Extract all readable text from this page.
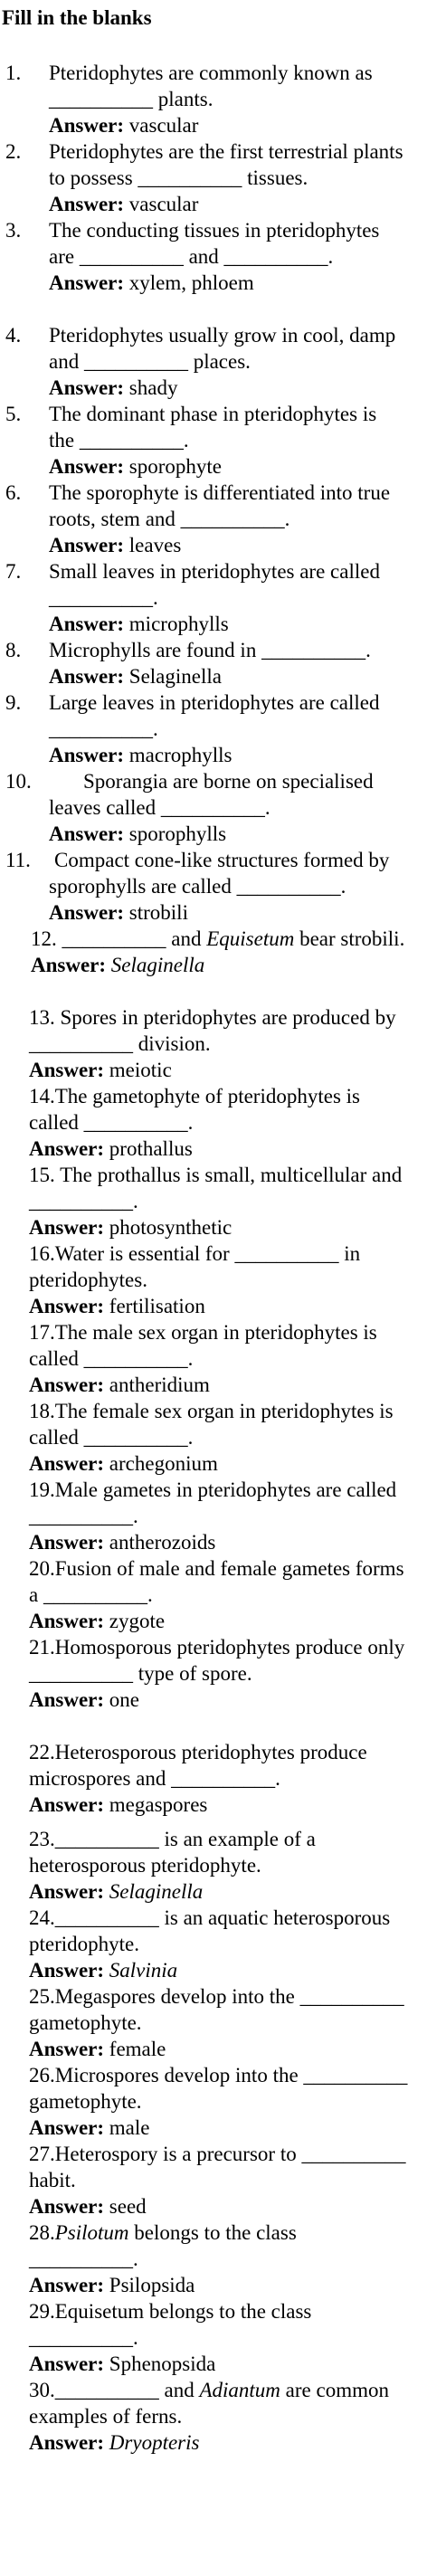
Fill in the blanks
1. Pteridophytes are commonly known as __________ plants.
Answer: vascular
2. Pteridophytes are the first terrestrial plants to possess __________ tissues.
Answer: vascular
3. The conducting tissues in pteridophytes are __________ and __________.
Answer: xylem, phloem
4. Pteridophytes usually grow in cool, damp and __________ places.
Answer: shady
5. The dominant phase in pteridophytes is the __________.
Answer: sporophyte
6. The sporophyte is differentiated into true roots, stem and __________.
Answer: leaves
7. Small leaves in pteridophytes are called __________.
Answer: microphylls
8. Microphylls are found in __________.
Answer: Selaginella
9. Large leaves in pteridophytes are called __________.
Answer: macrophylls
10. Sporangia are borne on specialised leaves called __________.
Answer: sporophylls
11. Compact cone-like structures formed by sporophylls are called __________.
Answer: strobili
12. __________ and Equisetum bear strobili.
Answer: Selaginella
13. Spores in pteridophytes are produced by __________ division.
Answer: meiotic
14.The gametophyte of pteridophytes is called __________.
Answer: prothallus
15. The prothallus is small, multicellular and __________.
Answer: photosynthetic
16.Water is essential for __________ in pteridophytes.
Answer: fertilisation
17.The male sex organ in pteridophytes is called __________.
Answer: antheridium
18.The female sex organ in pteridophytes is called __________.
Answer: archegonium
19.Male gametes in pteridophytes are called __________.
Answer: antherozoids
20.Fusion of male and female gametes forms a __________.
Answer: zygote
21.Homosporous pteridophytes produce only __________ type of spore.
Answer: one
22.Heterosporous pteridophytes produce microspores and __________.
Answer: megaspores
23.__________ is an example of a heterosporous pteridophyte.
Answer: Selaginella
24.__________ is an aquatic heterosporous pteridophyte.
Answer: Salvinia
25.Megaspores develop into the __________ gametophyte.
Answer: female
26.Microspores develop into the __________ gametophyte.
Answer: male
27.Heterospory is a precursor to __________ habit.
Answer: seed
28.Psilotum belongs to the class __________.
Answer: Psilopsida
29.Equisetum belongs to the class __________.
Answer: Sphenopsida
30.__________ and Adiantum are common examples of ferns.
Answer: Dryopteris
